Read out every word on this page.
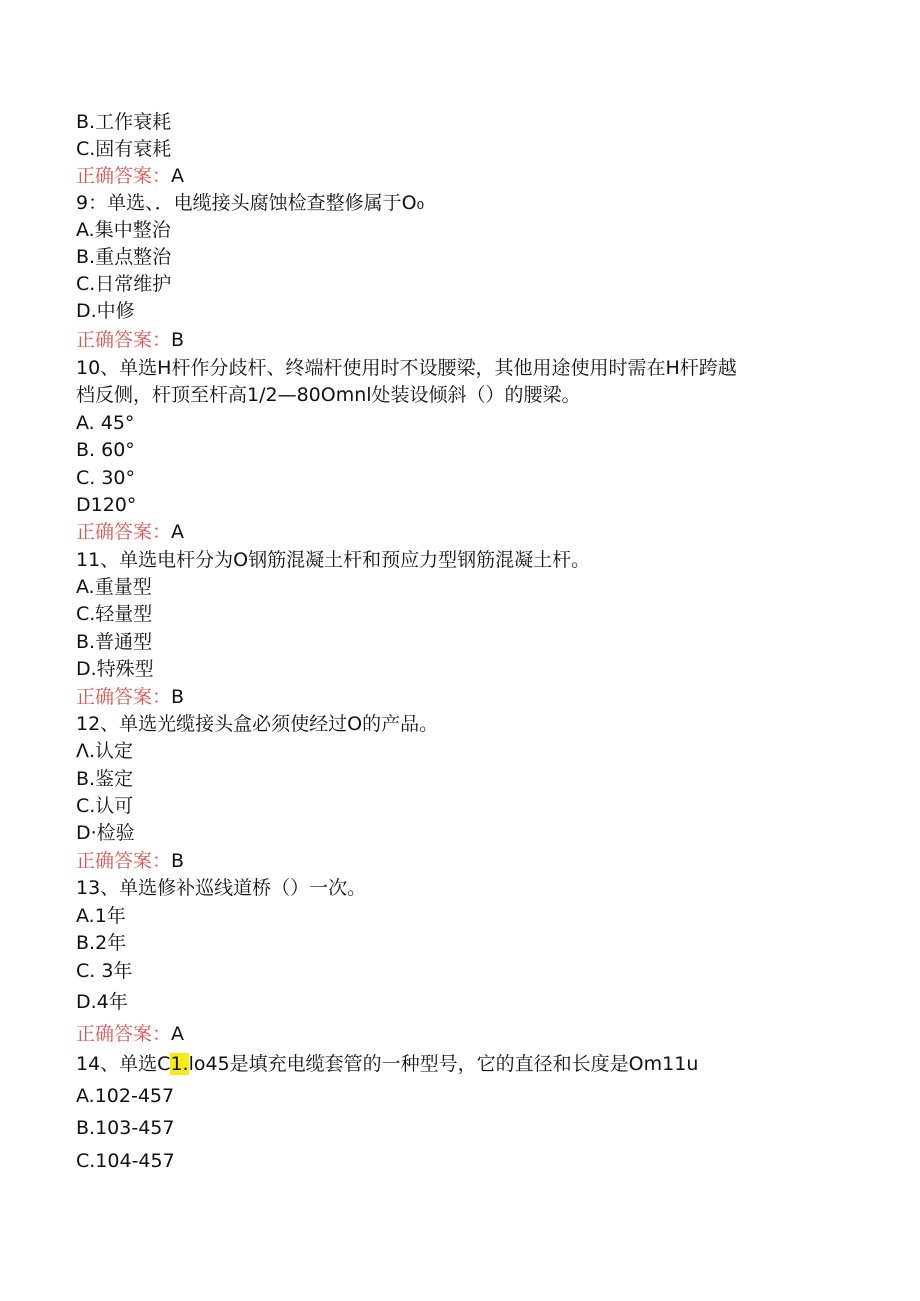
B.工作衰耗
C.固有衰耗
正确答案：A
9：单选、．电缆接头腐蚀检查整修属于O₀
A.集中整治
B.重点整治
C.日常维护
D.中修
正确答案：B
10、单选H杆作分歧杆、终端杆使用时不设腰梁，其他用途使用时需在H杆跨越
档反侧，杆顶至杆高1/2—80Omnl处装设倾斜（）的腰梁。
A. 45°
B. 60°
C. 30°
D120°
正确答案：A
11、单选电杆分为O钢筋混凝土杆和预应力型钢筋混凝土杆。
A.重量型
C.轻量型
B.普通型
D.特殊型
正确答案：B
12、单选光缆接头盒必须使经过O的产品。
Λ.认定
B.鉴定
C.认可
D·检验
正确答案：B
13、单选修补巡线道桥（）一次。
A.1年
B.2年
C. 3年
D.4年
正确答案：A
14、单选C1.lo45是填充电缆套管的一种型号，它的直径和长度是Om11u
A.102-457
B.103-457
C.104-457
